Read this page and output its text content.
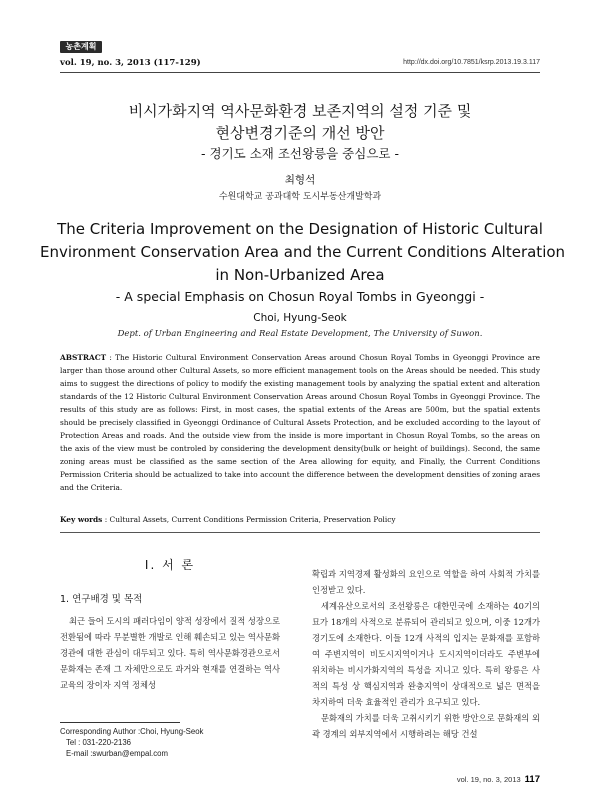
농촌계획
vol. 19, no. 3, 2013 (117-129)	http://dx.doi.org/10.7851/ksrp.2013.19.3.117
비시가화지역 역사문화환경 보존지역의 설정 기준 및
현상변경기준의 개선 방안
- 경기도 소재 조선왕릉을 중심으로 -
최형석
수원대학교 공과대학 도시부동산개발학과
The Criteria Improvement on the Designation of Historic Cultural
Environment Conservation Area and the Current Conditions Alteration
in Non-Urbanized Area
- A special Emphasis on Chosun Royal Tombs in Gyeonggi -
Choi, Hyung-Seok
Dept. of Urban Engineering and Real Estate Development, The University of Suwon.
ABSTRACT : The Historic Cultural Environment Conservation Areas around Chosun Royal Tombs in Gyeonggi Province are larger than those around other Cultural Assets, so more efficient management tools on the Areas should be needed. This study aims to suggest the directions of policy to modify the existing management tools by analyzing the spatial extent and alteration standards of the 12 Historic Cultural Environment Conservation Areas around Chosun Royal Tombs in Gyeonggi Province. The results of this study are as follows: First, in most cases, the spatial extents of the Areas are 500m, but the spatial extents should be precisely classified in Gyeonggi Ordinance of Cultural Assets Protection, and be excluded according to the layout of Protection Areas and roads. And the outside view from the inside is more important in Chosun Royal Tombs, so the areas on the axis of the view must be controled by considering the development density(bulk or height of buildings). Second, the same zoning areas must be classified as the same section of the Area allowing for equity, and Finally, the Current Conditions Permission Criteria should be actualized to take into account the difference between the development densities of zoning araes and the Criteria.
Key words : Cultural Assets, Current Conditions Permission Criteria, Preservation Policy
I. 서 론
1. 연구배경 및 목적

최근 들어 도시의 패러다임이 양적 성장에서 질적 성장으로 전환됨에 따라 무분별한 개발로 인해 훼손되고 있는 역사문화경관에 대한 관심이 대두되고 있다. 특히 역사문화경관으로서 문화재는 존재 그 자체만으로도 과거와 현재를 연결하는 역사교육의 장이자 지역 정체성

확립과 지역경제 활성화의 요인으로 역할을 하여 사회적 가치를 인정받고 있다.

세계유산으로서의 조선왕릉은 대한민국에 소재하는 40기의 묘가 18개의 사적으로 분류되어 관리되고 있으며, 이중 12개가 경기도에 소재한다. 이들 12개 사적의 입지는 문화재를 포함하여 주변지역이 비도시지역이거나 도시지역이더라도 주변부에 위치하는 비시가화지역의 특성을 지니고 있다. 특히 왕릉은 사적의 특성 상 핵심지역과 완충지역이 상대적으로 넓은 면적을 차지하여 더욱 효율적인 관리가 요구되고 있다.

문화재의 가치를 더욱 고취시키기 위한 방안으로 문화재의 외곽 경계의 외부지역에서 시행하려는 해당 건설

Corresponding Author :Choi, Hyung-Seok
Tel : 031-220-2136
E-mail :swurban@empal.com
vol. 19, no. 3, 2013 117
